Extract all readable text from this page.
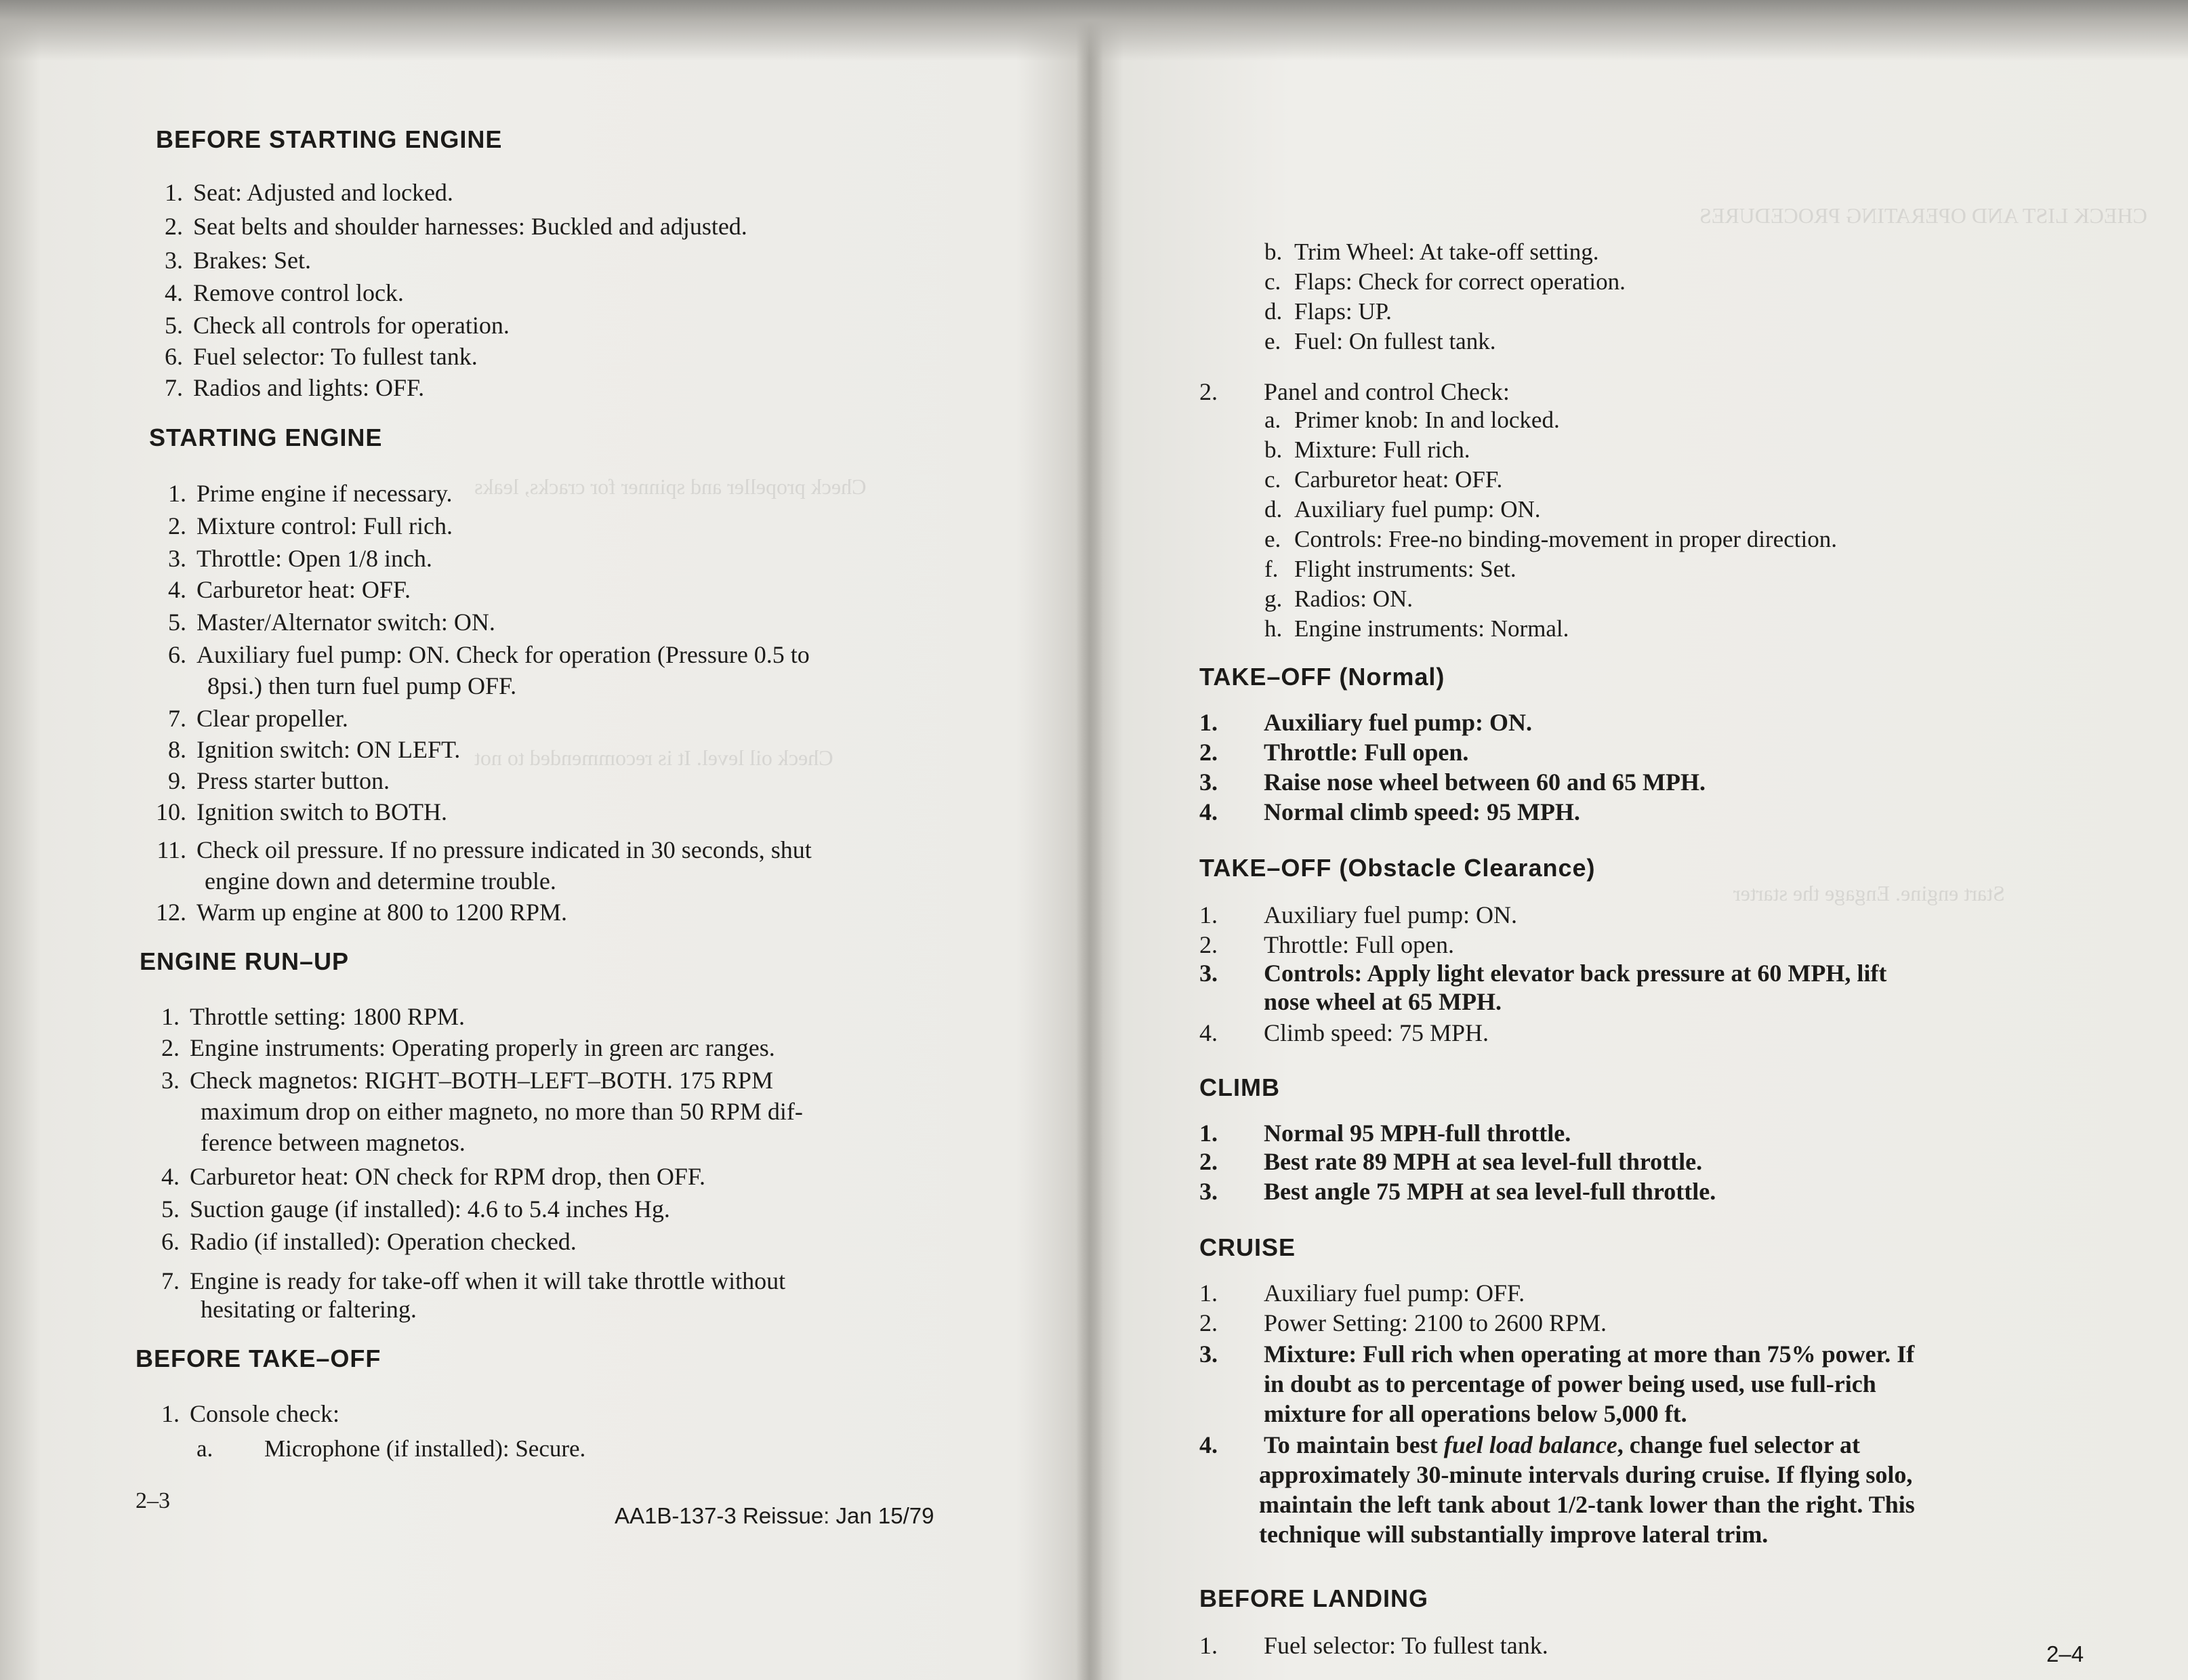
Check propeller and spinner for cracks, leaks
Check oil level. It is recommended to not
BEFORE STARTING ENGINE
1. Seat: Adjusted and locked.
2. Seat belts and shoulder harnesses: Buckled and adjusted.
3. Brakes: Set.
4. Remove control lock.
5. Check all controls for operation.
6. Fuel selector: To fullest tank.
7. Radios and lights: OFF.
STARTING ENGINE
1. Prime engine if necessary.
2. Mixture control: Full rich.
3. Throttle: Open 1/8 inch.
4. Carburetor heat: OFF.
5. Master/Alternator switch: ON.
6. Auxiliary fuel pump: ON. Check for operation (Pressure 0.5 to
8psi.) then turn fuel pump OFF.
7. Clear propeller.
8. Ignition switch: ON LEFT.
9. Press starter button.
10. Ignition switch to BOTH.
11. Check oil pressure. If no pressure indicated in 30 seconds, shut
engine down and determine trouble.
12. Warm up engine at 800 to 1200 RPM.
ENGINE RUN–UP
1. Throttle setting: 1800 RPM.
2. Engine instruments: Operating properly in green arc ranges.
3. Check magnetos: RIGHT–BOTH–LEFT–BOTH. 175 RPM
maximum drop on either magneto, no more than 50 RPM dif-
ference between magnetos.
4. Carburetor heat: ON check for RPM drop, then OFF.
5. Suction gauge (if installed): 4.6 to 5.4 inches Hg.
6. Radio (if installed): Operation checked.
7. Engine is ready for take-off when it will take throttle without
hesitating or faltering.
BEFORE TAKE–OFF
1. Console check:
a. Microphone (if installed): Secure.
2–3
AA1B-137-3 Reissue: Jan 15/79
CHECK LIST AND OPERATING PROCEDURES
Start engine. Engage the starter
b. Trim Wheel: At take-off setting.
c. Flaps: Check for correct operation.
d. Flaps: UP.
e. Fuel: On fullest tank.
2.	Panel and control Check:
a. Primer knob: In and locked.
b. Mixture: Full rich.
c. Carburetor heat: OFF.
d. Auxiliary fuel pump: ON.
e. Controls: Free-no binding-movement in proper direction.
f. Flight instruments: Set.
g. Radios: ON.
h. Engine instruments: Normal.
TAKE–OFF (Normal)
1.	Auxiliary fuel pump: ON.
2.	Throttle: Full open.
3.	Raise nose wheel between 60 and 65 MPH.
4.	Normal climb speed: 95 MPH.
TAKE–OFF (Obstacle Clearance)
1.	Auxiliary fuel pump: ON.
2.	Throttle: Full open.
3.	Controls: Apply light elevator back pressure at 60 MPH, lift
nose wheel at 65 MPH.
4.	Climb speed: 75 MPH.
CLIMB
1.	Normal 95 MPH-full throttle.
2.	Best rate 89 MPH at sea level-full throttle.
3.	Best angle 75 MPH at sea level-full throttle.
CRUISE
1.	Auxiliary fuel pump: OFF.
2.	Power Setting: 2100 to 2600 RPM.
3.	Mixture: Full rich when operating at more than 75% power. If
in doubt as to percentage of power being used, use full-rich
mixture for all operations below 5,000 ft.
4.	To maintain best fuel load balance, change fuel selector at
approximately 30-minute intervals during cruise. If flying solo,
maintain the left tank about 1/2-tank lower than the right. This
technique will substantially improve lateral trim.
BEFORE LANDING
1.	Fuel selector: To fullest tank.	2–4
